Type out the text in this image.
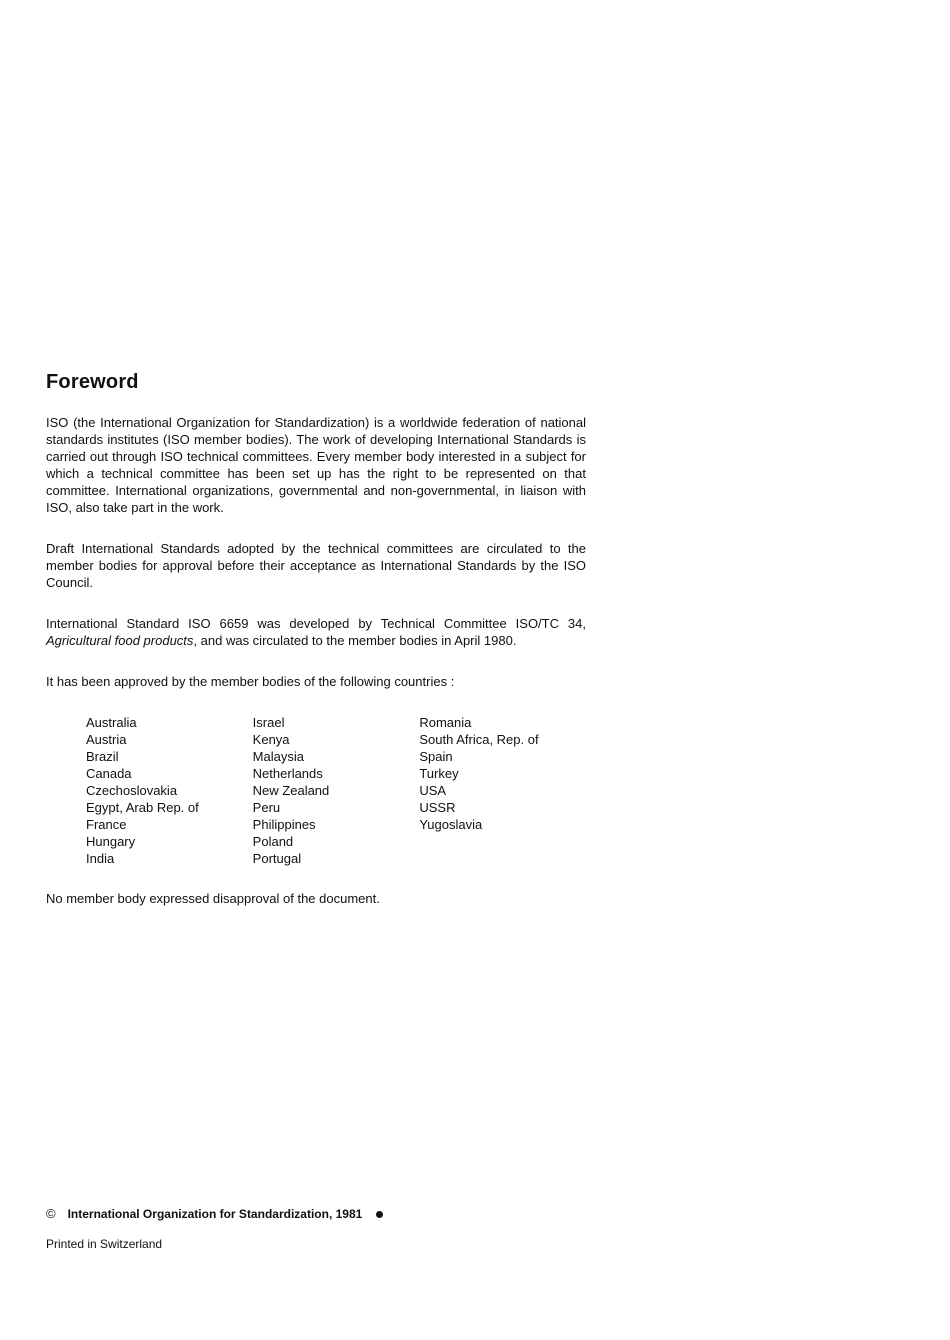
Foreword

ISO (the International Organization for Standardization) is a worldwide federation of national standards institutes (ISO member bodies). The work of developing International Standards is carried out through ISO technical committees. Every member body interested in a subject for which a technical committee has been set up has the right to be represented on that committee. International organizations, governmental and non-governmental, in liaison with ISO, also take part in the work.

Draft International Standards adopted by the technical committees are circulated to the member bodies for approval before their acceptance as International Standards by the ISO Council.

International Standard ISO 6659 was developed by Technical Committee ISO/TC 34, Agricultural food products, and was circulated to the member bodies in April 1980.

It has been approved by the member bodies of the following countries :

Australia
Austria
Brazil
Canada
Czechoslovakia
Egypt, Arab Rep. of
France
Hungary
India
Israel
Kenya
Malaysia
Netherlands
New Zealand
Peru
Philippines
Poland
Portugal
Romania
South Africa, Rep. of
Spain
Turkey
USA
USSR
Yugoslavia

No member body expressed disapproval of the document.

© International Organization for Standardization, 1981
Printed in Switzerland
